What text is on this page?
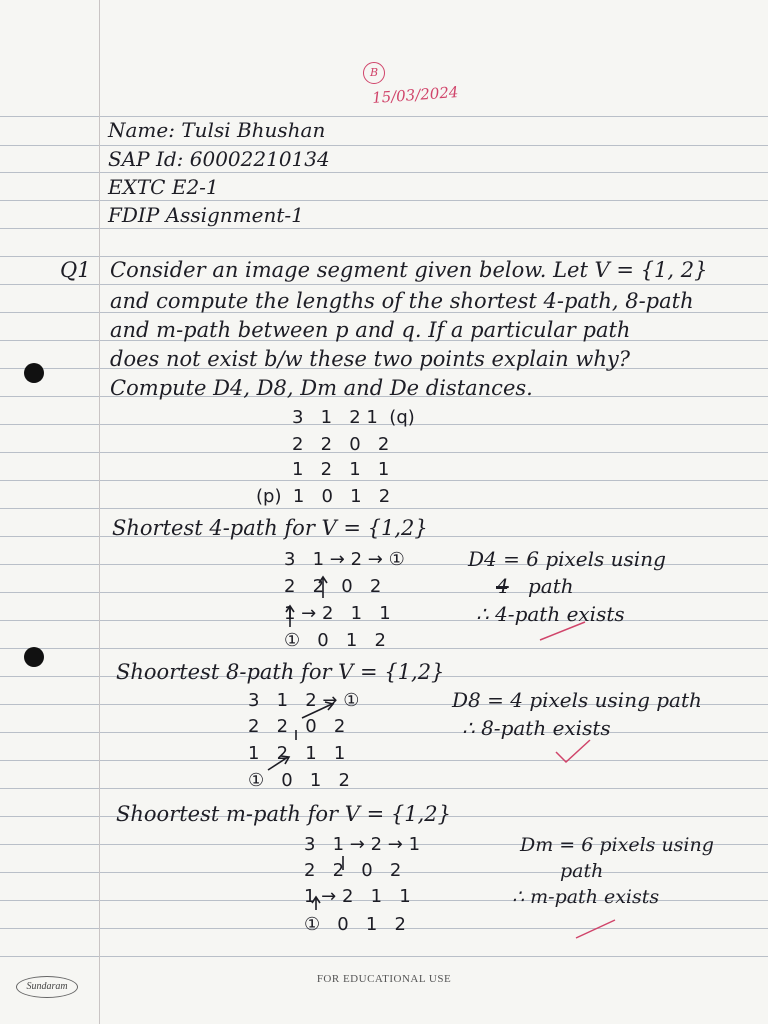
B
15/03/2024
Name: Tulsi Bhushan
SAP Id: 60002210134
EXTC E2-1
FDIP Assignment-1
Q1 Consider an image segment given below. Let V = {1, 2}
and compute the lengths of the shortest 4-path, 8-path
and m-path between p and q. If a particular path
does not exist b/w these two points explain why?
Compute D4, D8, Dm and De distances.
3   1   2 1  (q)
2   2   0   2
1   2   1   1
(p)  1   0   1   2
Shortest 4-path for V = {1,2}
3   1 → 2 → ①
2   2   0   2
1 → 2   1   1
①   0   1   2
D4 = 6 pixels using
4 path
∴ 4-path exists
Shoortest 8-path for V = {1,2}
3   1   2 → ①
2   2   0   2
1   2   1   1
①   0   1   2
D8 = 4 pixels using path
∴ 8-path exists
Shoortest m-path for V = {1,2}
3   1 → 2 → 1
2   2   0   2
1 → 2   1   1
①   0   1   2
Dm = 6 pixels using
path
∴ m-path exists
Sundaram
FOR EDUCATIONAL USE
